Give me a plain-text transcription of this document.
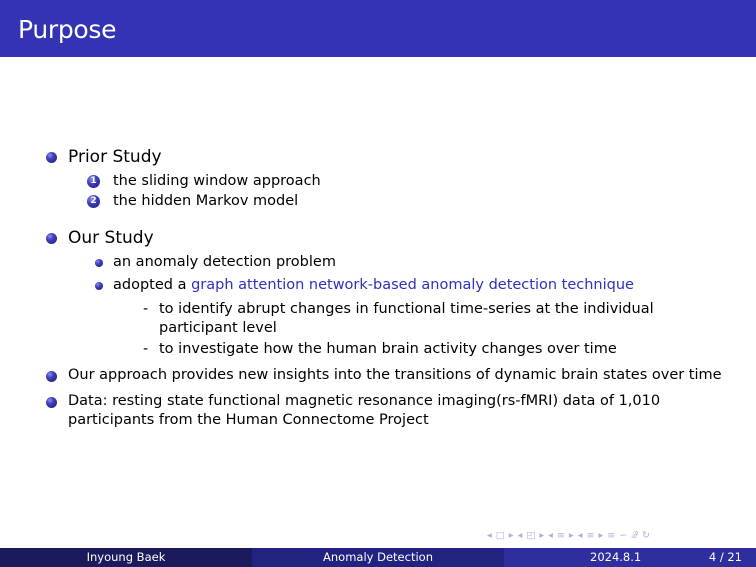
Purpose
Prior Study
1 the sliding window approach
2 the hidden Markov model
Our Study
an anomaly detection problem
adopted a graph attention network-based anomaly detection technique
- to identify abrupt changes in functional time-series at the individual
participant level
- to investigate how the human brain activity changes over time
Our approach provides new insights into the transitions of dynamic brain states over time
Data: resting state functional magnetic resonance imaging(rs-fMRI) data of 1,010
participants from the Human Connectome Project
◂ □ ▸ ◂ ◰ ▸ ◂ ≡ ▸ ◂ ≡ ▸ ≡ ∽ 𝒬 ↻
Inyoung Baek	Anomaly Detection	2024.8.1	4 / 21
